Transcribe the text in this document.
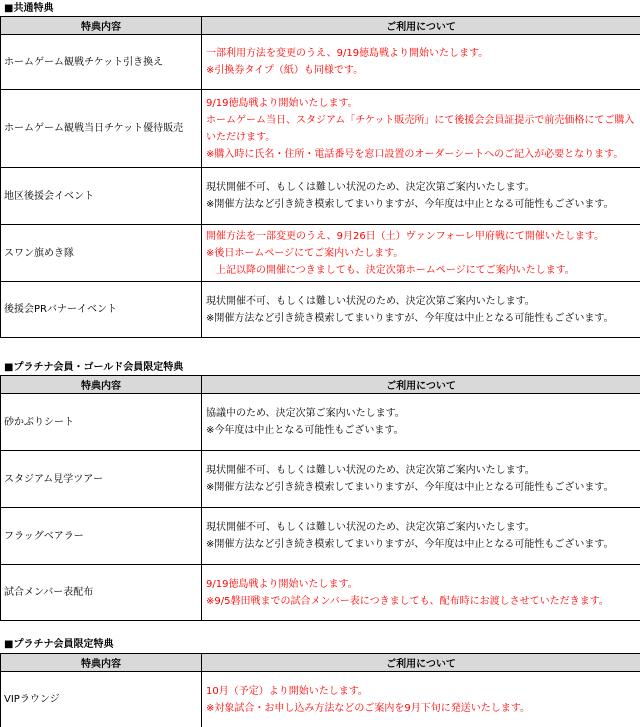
■共通特典
特典内容	ご利用について
ホームゲーム観戦チケット引き換え	一部利用方法を変更のうえ、9/19徳島戦より開始いたします。
※引換券タイプ（紙）も同様です。

ホームゲーム観戦当日チケット優待販売	9/19徳島戦より開始いたします。
ホームゲーム当日、スタジアム「チケット販売所」にて後援会会員証提示で前売価格にてご購入いただけます。
※購入時に氏名・住所・電話番号を窓口設置のオーダーシートへのご記入が必要となります。

地区後援会イベント	現状開催不可、もしくは難しい状況のため、決定次第ご案内いたします。
※開催方法など引き続き模索してまいりますが、今年度は中止となる可能性もございます。

スワン旗めき隊	開催方法を一部変更のうえ、9月26日（土）ヴァンフォーレ甲府戦にて開催いたします。
※後日ホームページにてご案内いたします。
　上記以降の開催につきましても、決定次第ホームページにてご案内いたします。

後援会PRバナーイベント	現状開催不可、もしくは難しい状況のため、決定次第ご案内いたします。
※開催方法など引き続き模索してまいりますが、今年度は中止となる可能性もございます。
■プラチナ会員・ゴールド会員限定特典
特典内容	ご利用について
砂かぶりシート	協議中のため、決定次第ご案内いたします。
※今年度は中止となる可能性もございます。

スタジアム見学ツアー	現状開催不可、もしくは難しい状況のため、決定次第ご案内いたします。
※開催方法など引き続き模索してまいりますが、今年度は中止となる可能性もございます。

フラッグベアラー	現状開催不可、もしくは難しい状況のため、決定次第ご案内いたします。
※開催方法など引き続き模索してまいりますが、今年度は中止となる可能性もございます。

試合メンバー表配布	9/19徳島戦より開始いたします。
※9/5磐田戦までの試合メンバー表につきましても、配布時にお渡しさせていただきます。
■プラチナ会員限定特典
特典内容	ご利用について
VIPラウンジ	10月（予定）より開始いたします。
※対象試合・お申し込み方法などのご案内を9月下旬に発送いたします。
